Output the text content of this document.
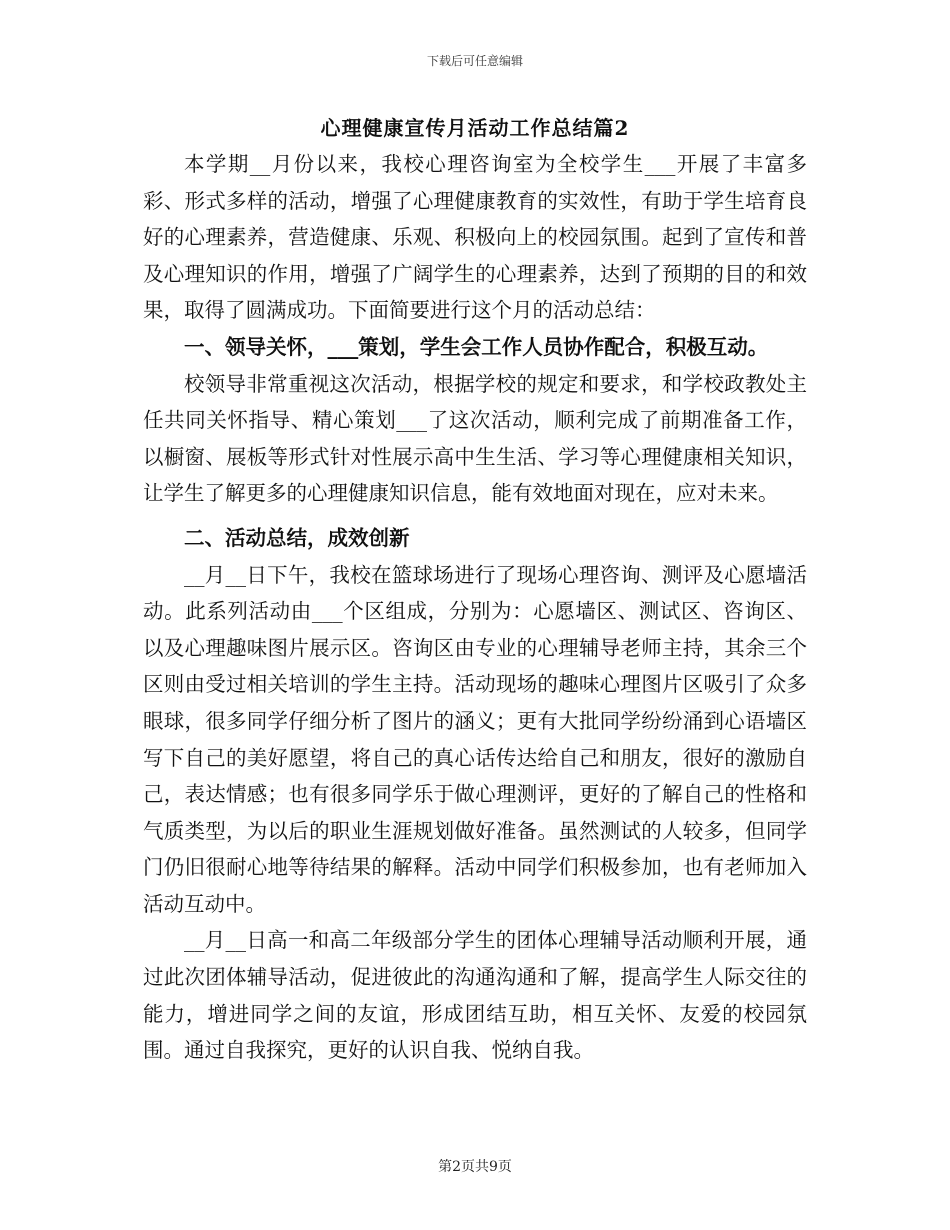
下载后可任意编辑
心理健康宣传月活动工作总结篇2

本学期__月份以来，我校心理咨询室为全校学生___开展了丰富多彩、形式多样的活动，增强了心理健康教育的实效性，有助于学生培育良好的心理素养，营造健康、乐观、积极向上的校园氛围。起到了宣传和普及心理知识的作用，增强了广阔学生的心理素养，达到了预期的目的和效果，取得了圆满成功。下面简要进行这个月的活动总结：

一、领导关怀，___策划，学生会工作人员协作配合，积极互动。

校领导非常重视这次活动，根据学校的规定和要求，和学校政教处主任共同关怀指导、精心策划___了这次活动，顺利完成了前期准备工作，以橱窗、展板等形式针对性展示高中生生活、学习等心理健康相关知识，让学生了解更多的心理健康知识信息，能有效地面对现在，应对未来。

二、活动总结，成效创新

__月__日下午，我校在篮球场进行了现场心理咨询、测评及心愿墙活动。此系列活动由___个区组成，分别为：心愿墙区、测试区、咨询区、以及心理趣味图片展示区。咨询区由专业的心理辅导老师主持，其余三个区则由受过相关培训的学生主持。活动现场的趣味心理图片区吸引了众多眼球，很多同学仔细分析了图片的涵义；更有大批同学纷纷涌到心语墙区写下自己的美好愿望，将自己的真心话传达给自己和朋友，很好的激励自己，表达情感；也有很多同学乐于做心理测评，更好的了解自己的性格和气质类型，为以后的职业生涯规划做好准备。虽然测试的人较多，但同学门仍旧很耐心地等待结果的解释。活动中同学们积极参加，也有老师加入活动互动中。

__月__日高一和高二年级部分学生的团体心理辅导活动顺利开展，通过此次团体辅导活动，促进彼此的沟通沟通和了解，提高学生人际交往的能力，增进同学之间的友谊，形成团结互助，相互关怀、友爱的校园氛围。通过自我探究，更好的认识自我、悦纳自我。

第2页共9页
